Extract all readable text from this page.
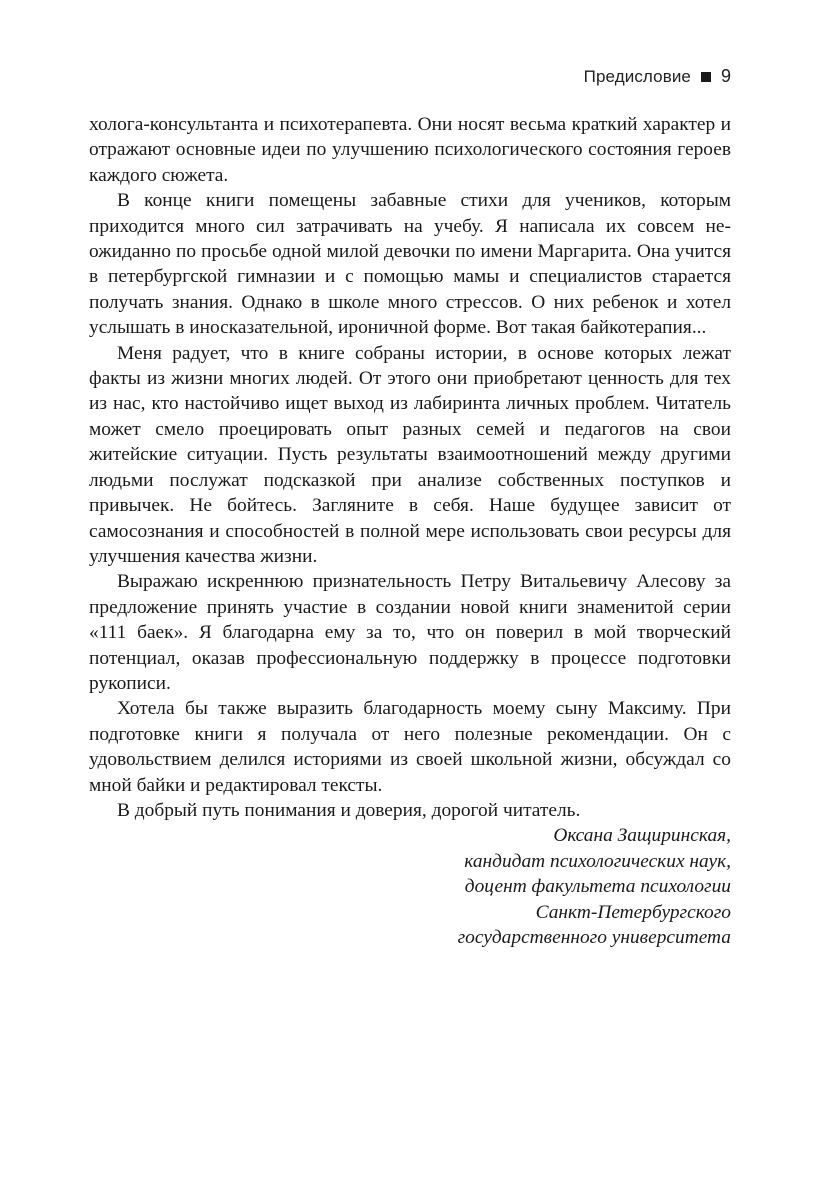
Предисловие 9

холога-консультанта и психотерапевта. Они носят весьма краткий характер и отражают основные идеи по улучшению психологического состояния героев каждого сюжета.

В конце книги помещены забавные стихи для учеников, которым приходится много сил затрачивать на учебу. Я написала их совсем неожиданно по просьбе одной милой девочки по имени Маргарита. Она учится в петербургской гимназии и с помощью мамы и специалистов старается получать знания. Однако в школе много стрессов. О них ребенок и хотел услышать в иносказательной, ироничной форме. Вот такая байкотерапия...

Меня радует, что в книге собраны истории, в основе которых лежат факты из жизни многих людей. От этого они приобретают ценность для тех из нас, кто настойчиво ищет выход из лабиринта личных проблем. Читатель может смело проецировать опыт разных семей и педагогов на свои житейские ситуации. Пусть результаты взаимоотношений между другими людьми послужат подсказкой при анализе собственных поступков и привычек. Не бойтесь. Загляните в себя. Наше будущее зависит от самосознания и способностей в полной мере использовать свои ресурсы для улучшения качества жизни.

Выражаю искреннюю признательность Петру Витальевичу Алесову за предложение принять участие в создании новой книги знаменитой серии «111 баек». Я благодарна ему за то, что он поверил в мой творческий потенциал, оказав профессиональную поддержку в процессе подготовки рукописи.

Хотела бы также выразить благодарность моему сыну Максиму. При подготовке книги я получала от него полезные рекомендации. Он с удовольствием делился историями из своей школьной жизни, обсуждал со мной байки и редактировал тексты.

В добрый путь понимания и доверия, дорогой читатель.

Оксана Защиринская,
кандидат психологических наук,
доцент факультета психологии
Санкт-Петербургского
государственного университета
